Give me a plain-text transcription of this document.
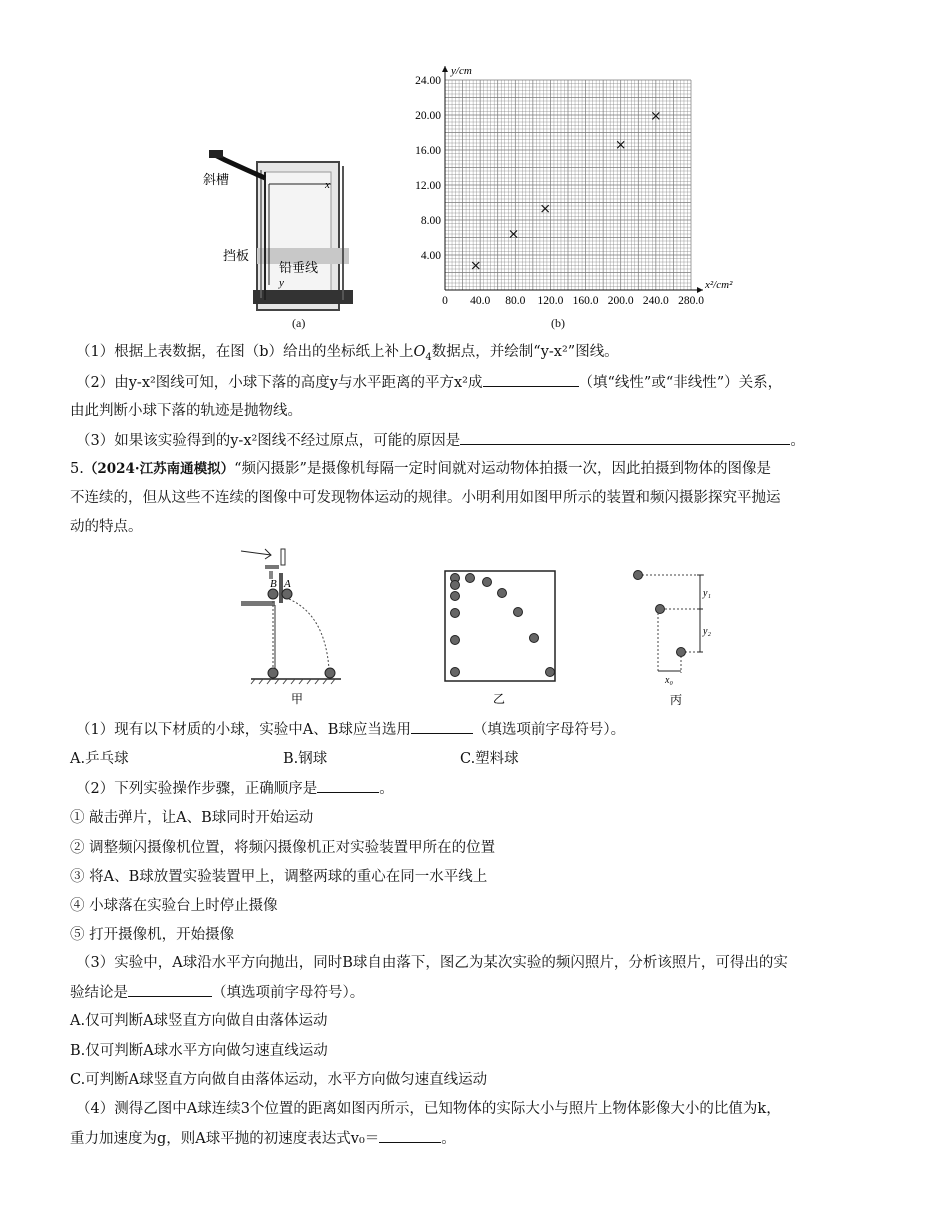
斜槽
挡板
铅垂线
x
y
(a)
0 40.0 80.0 120.0 160.0 200.0 240.0 280.0
4.00
8.00
12.00
16.00
20.00
24.00
x²/cm²
y/cm
(b)
（1）根据上表数据，在图（b）给出的坐标纸上补上$O_4$数据点，并绘制“y-x²”图线。
（2）由y-x²图线可知，小球下落的高度y与水平距离的平方x²成	（填“线性”或“非线性”）关系，
由此判断小球下落的轨迹是抛物线。
（3）如果该实验得到的y-x²图线不经过原点，可能的原因是	。
5.（2024·江苏南通模拟）“频闪摄影”是摄像机每隔一定时间就对运动物体拍摄一次，因此拍摄到物体的图像是
不连续的，但从这些不连续的图像中可发现物体运动的规律。小明利用如图甲所示的装置和频闪摄影探究平抛运
动的特点。
B A
甲	乙
y₁
y₂
x₀
丙
（1）现有以下材质的小球，实验中A、B球应当选用	（填选项前字母符号）。
A.乒乓球	B.钢球	C.塑料球
（2）下列实验操作步骤，正确顺序是	。
① 敲击弹片，让A、B球同时开始运动
② 调整频闪摄像机位置，将频闪摄像机正对实验装置甲所在的位置
③ 将A、B球放置实验装置甲上，调整两球的重心在同一水平线上
④ 小球落在实验台上时停止摄像
⑤ 打开摄像机，开始摄像
（3）实验中，A球沿水平方向抛出，同时B球自由落下，图乙为某次实验的频闪照片，分析该照片，可得出的实
验结论是	（填选项前字母符号）。
A.仅可判断A球竖直方向做自由落体运动
B.仅可判断A球水平方向做匀速直线运动
C.可判断A球竖直方向做自由落体运动，水平方向做匀速直线运动
（4）测得乙图中A球连续3个位置的距离如图丙所示，已知物体的实际大小与照片上物体影像大小的比值为k，
重力加速度为g，则A球平抛的初速度表达式v₀＝	。
